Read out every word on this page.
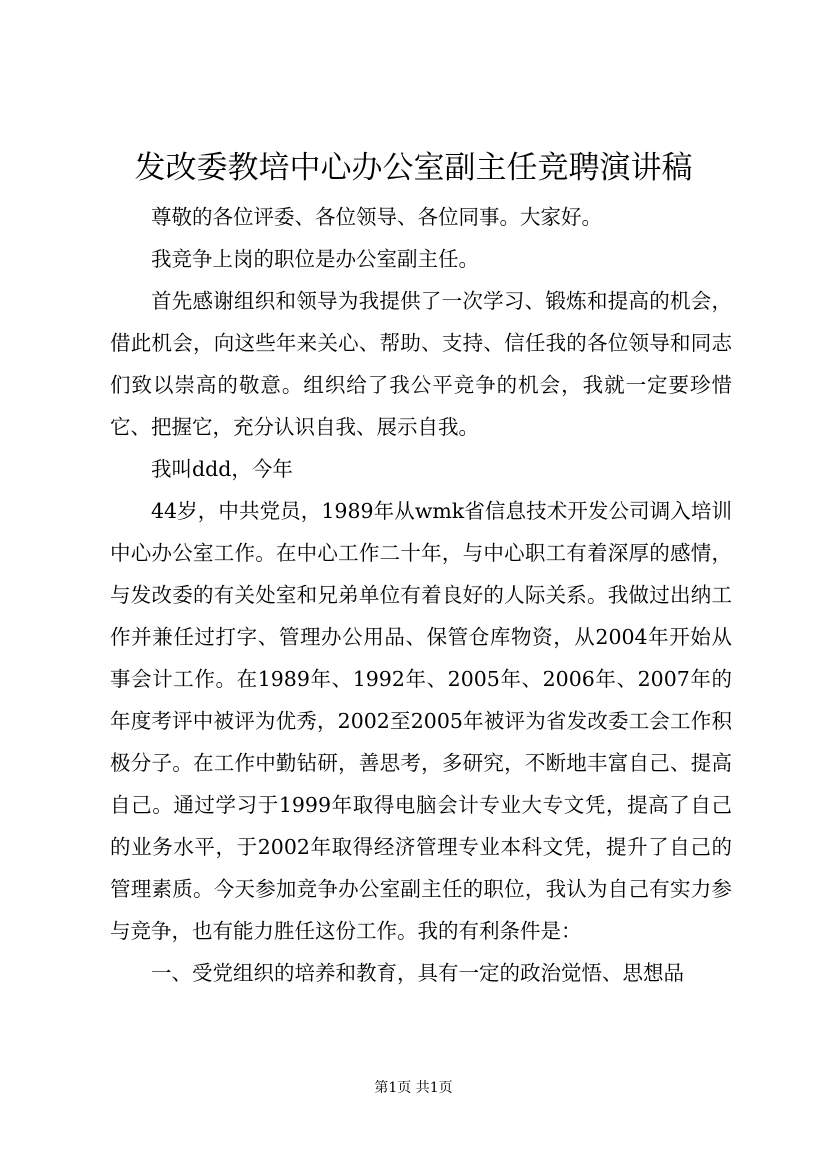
发改委教培中心办公室副主任竞聘演讲稿

尊敬的各位评委、各位领导、各位同事。大家好。

我竞争上岗的职位是办公室副主任。

首先感谢组织和领导为我提供了一次学习、锻炼和提高的机会，借此机会，向这些年来关心、帮助、支持、信任我的各位领导和同志们致以崇高的敬意。组织给了我公平竞争的机会，我就一定要珍惜它、把握它，充分认识自我、展示自我。

我叫ddd，今年

44岁，中共党员，1989年从wmk省信息技术开发公司调入培训中心办公室工作。在中心工作二十年，与中心职工有着深厚的感情，与发改委的有关处室和兄弟单位有着良好的人际关系。我做过出纳工作并兼任过打字、管理办公用品、保管仓库物资，从2004年开始从事会计工作。在1989年、1992年、2005年、2006年、2007年的年度考评中被评为优秀，2002至2005年被评为省发改委工会工作积极分子。在工作中勤钻研，善思考，多研究，不断地丰富自己、提高自己。通过学习于1999年取得电脑会计专业大专文凭，提高了自己的业务水平，于2002年取得经济管理专业本科文凭，提升了自己的管理素质。今天参加竞争办公室副主任的职位，我认为自己有实力参与竞争，也有能力胜任这份工作。我的有利条件是：

一、受党组织的培养和教育，具有一定的政治觉悟、思想品

第1页 共1页
